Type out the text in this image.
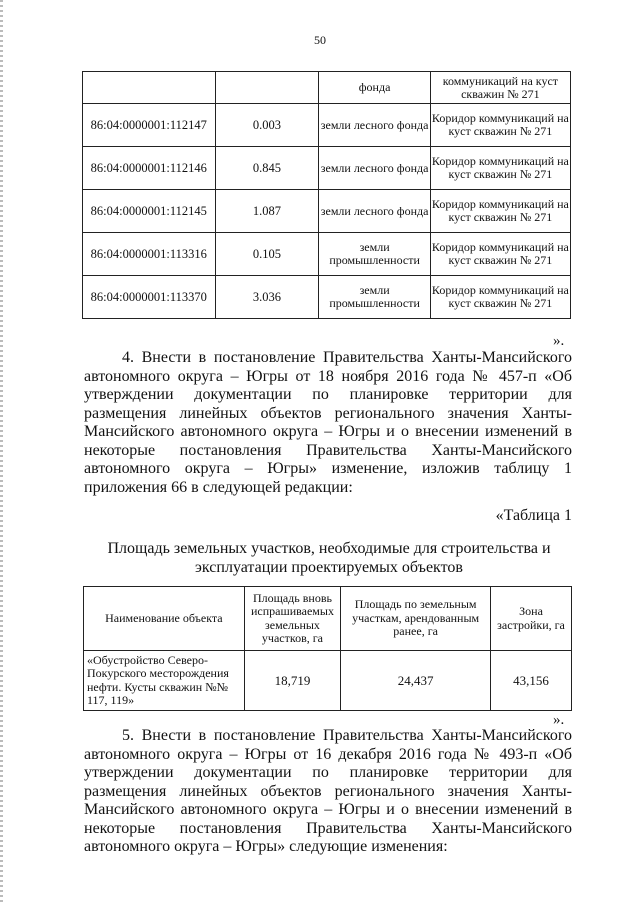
50
		фонда	коммуникаций на куст скважин № 271
86:04:0000001:112147	0.003	земли лесного фонда	Коридор коммуникаций на куст скважин № 271
86:04:0000001:112146	0.845	земли лесного фонда	Коридор коммуникаций на куст скважин № 271
86:04:0000001:112145	1.087	земли лесного фонда	Коридор коммуникаций на куст скважин № 271
86:04:0000001:113316	0.105	земли промышленности	Коридор коммуникаций на куст скважин № 271
86:04:0000001:113370	3.036	земли промышленности	Коридор коммуникаций на куст скважин № 271
».

4. Внести в постановление Правительства Ханты-Мансийского автономного округа – Югры от 18 ноября 2016 года № 457-п «Об утверждении документации по планировке территории для размещения линейных объектов регионального значения Ханты-Мансийского автономного округа – Югры и о внесении изменений в некоторые постановления Правительства Ханты-Мансийского автономного округа – Югры» изменение, изложив таблицу 1 приложения 66 в следующей редакции:

«Таблица 1
Площадь земельных участков, необходимые для строительства и эксплуатации проектируемых объектов
Наименование объекта	Площадь вновь испрашиваемых земельных участков, га	Площадь по земельным участкам, арендованным ранее, га	Зона застройки, га
«Обустройство Северо-Покурского месторождения нефти. Кусты скважин №№ 117, 119»	18,719	24,437	43,156
».

5. Внести в постановление Правительства Ханты-Мансийского автономного округа – Югры от 16 декабря 2016 года № 493-п «Об утверждении документации по планировке территории для размещения линейных объектов регионального значения Ханты-Мансийского автономного округа – Югры и о внесении изменений в некоторые постановления Правительства Ханты-Мансийского автономного округа – Югры» следующие изменения:
